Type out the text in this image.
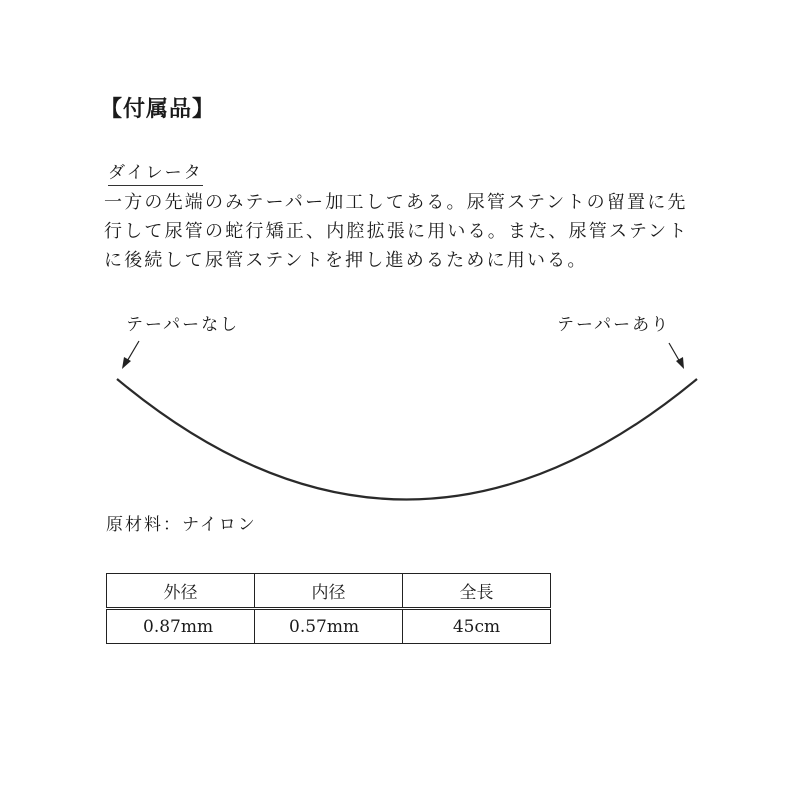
【付属品】
ダイレータ
一方の先端のみテーパー加工してある。尿管ステントの留置に先
行して尿管の蛇行矯正、内腔拡張に用いる。また、尿管ステント
に後続して尿管ステントを押し進めるために用いる。
テーパーなし	テーパーあり
原材料：ナイロン
外径	内径	全長
0.87mm	0.57mm	45cm
